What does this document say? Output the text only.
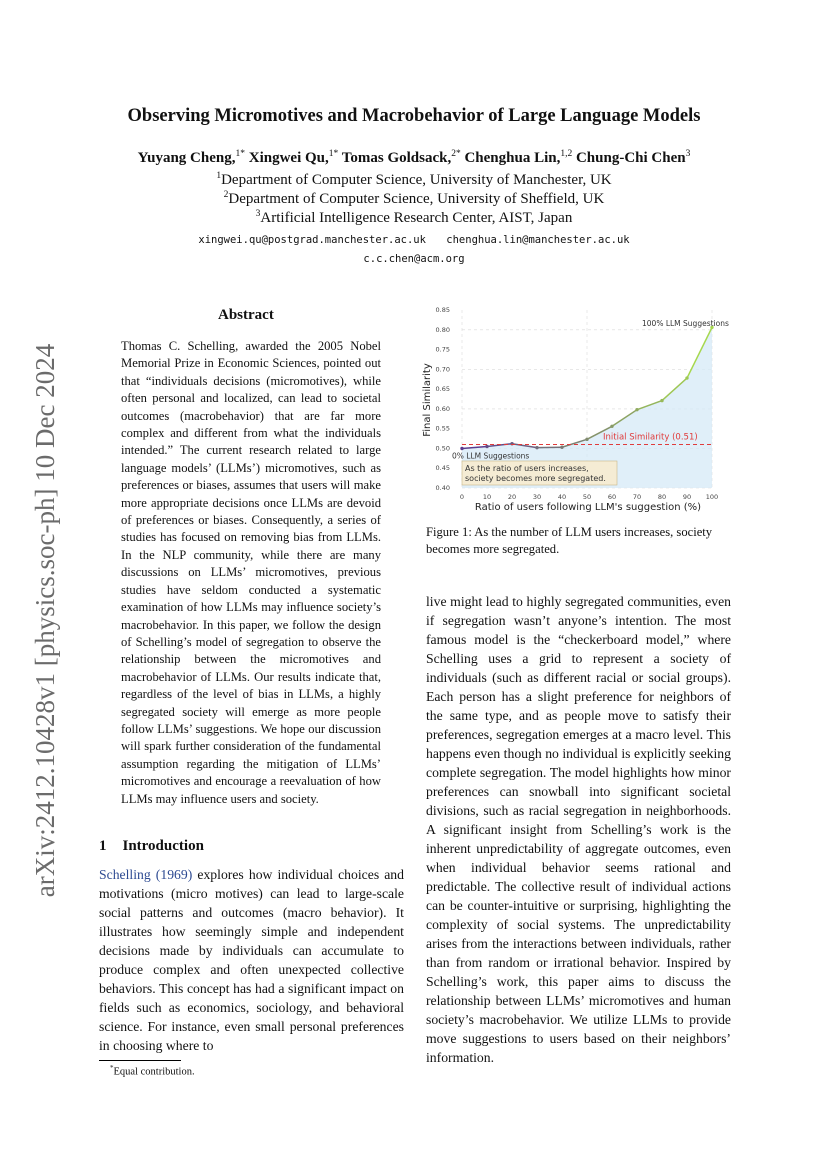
arXiv:2412.10428v1 [physics.soc-ph] 10 Dec 2024
Observing Micromotives and Macrobehavior of Large Language Models
Yuyang Cheng,$^{1*}$ Xingwei Qu,$^{1*}$ Tomas Goldsack,$^{2*}$ Chenghua Lin,$^{1,2}$ Chung-Chi Chen$^3$
$^1$Department of Computer Science, University of Manchester, UK
$^2$Department of Computer Science, University of Sheffield, UK
$^3$Artificial Intelligence Research Center, AIST, Japan
xingwei.qu@postgrad.manchester.ac.uk chenghua.lin@manchester.ac.uk
c.c.chen@acm.org
Abstract
Thomas C. Schelling, awarded the 2005 Nobel Memorial Prize in Economic Sciences, pointed out that “individuals decisions (micromotives), while often personal and localized, can lead to societal outcomes (macrobehavior) that are far more complex and different from what the individuals intended.” The current research related to large language models’ (LLMs’) micromotives, such as preferences or biases, assumes that users will make more appropriate decisions once LLMs are devoid of preferences or biases. Consequently, a series of studies has focused on removing bias from LLMs. In the NLP community, while there are many discussions on LLMs’ micromotives, previous studies have seldom conducted a systematic examination of how LLMs may influence society’s macrobehavior. In this paper, we follow the design of Schelling’s model of segregation to observe the relationship between the micromotives and macrobehavior of LLMs. Our results indicate that, regardless of the level of bias in LLMs, a highly segregated society will emerge as more people follow LLMs’ suggestions. We hope our discussion will spark further consideration of the fundamental assumption regarding the mitigation of LLMs’ micromotives and encourage a reevaluation of how LLMs may influence users and society.
1 Introduction
Schelling (1969) explores how individual choices and motivations (micro motives) can lead to large-scale social patterns and outcomes (macro behavior). It illustrates how seemingly simple and independent decisions made by individuals can accumulate to produce complex and often unexpected collective behaviors. This concept has had a significant impact on fields such as economics, sociology, and behavioral science. For instance, even small personal preferences in choosing where to
*Equal contribution.
live might lead to highly segregated communities, even if segregation wasn’t anyone’s intention. The most famous model is the “checkerboard model,” where Schelling uses a grid to represent a society of individuals (such as different racial or social groups). Each person has a slight preference for neighbors of the same type, and as people move to satisfy their preferences, segregation emerges at a macro level. This happens even though no individual is explicitly seeking complete segregation. The model highlights how minor preferences can snowball into significant societal divisions, such as racial segregation in neighborhoods. A significant insight from Schelling’s work is the inherent unpredictability of aggregate outcomes, even when individual behavior seems rational and predictable. The collective result of individual actions can be counter-intuitive or surprising, highlighting the complexity of social systems. The unpredictability arises from the interactions between individuals, rather than from random or irrational behavior. Inspired by Schelling’s work, this paper aims to discuss the relationship between LLMs’ micromotives and human society’s macrobehavior. We utilize LLMs to provide move suggestions to users based on their neighbors’ information.
Initial Similarity (0.51)
As the ratio of users increases,
society becomes more segregated.
0% LLM Suggestions
100% LLM Suggestions
0	10	20	30	40	50	60	70	80	90 100
0.40
0.45
0.50
0.55
0.60
0.65
0.70
0.75
0.80
0.85
Ratio of users following LLM's suggestion (%)
Final Similarity
Figure 1: As the number of LLM users increases, society becomes more segregated.
